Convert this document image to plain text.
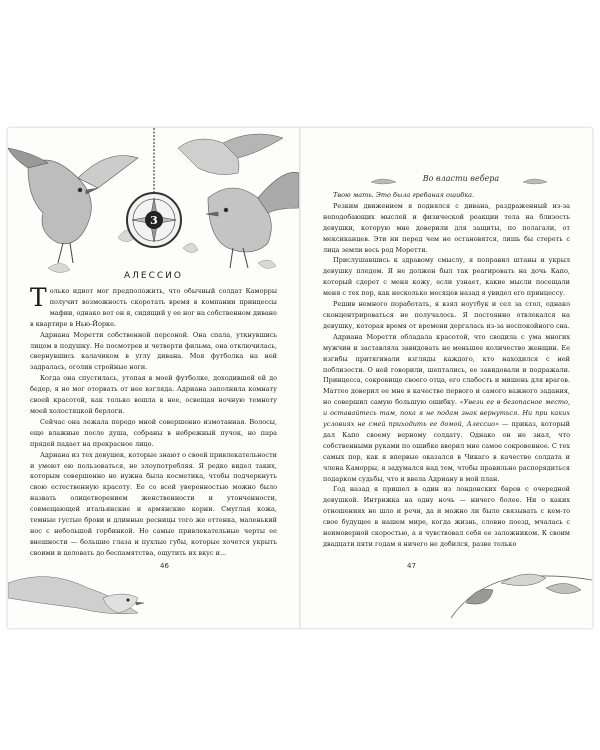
3
АЛЕССИО

Только идиот мог предположить, что обычный солдат Каморры получит возможность скоротать время в компании принцессы мафии, однако вот он я, сидящий у ее ног на собственном диване в квартире в Нью-Йорке.

Адриана Моретти собственной персоной. Она спала, уткнувшись лицом в подушку. Не посмотрев и четверти фильма, она отключилась, свернувшись калачиком в углу дивана. Моя футболка на ней задралась, оголив стройные ноги.

Когда она спустилась, утопая в моей футболке, доходившей ей до бедер, я не мог оторвать от нее взгляда. Адриана заполнила комнату своей красотой, как только вошла в нее, освещая ночную темноту моей холостяцкой берлоги.

Сейчас она лежала передо мной совершенно измотанная. Волосы, еще влажные после душа, собраны в небрежный пучок, но пара прядей падает на прекрасное лицо.

Адриана из тех девушек, которые знают о своей привлекательности и умеют ею пользоваться, не злоупотребляя. Я редко видел таких, которым совершенно не нужна была косметика, чтобы подчеркнуть свою естественную красоту. Ее со всей уверенностью можно было назвать олицетворением женственности и утонченности, совмещающей итальянские и армянские корни. Смуглая кожа, темные густые брови и длинные ресницы того же оттенка, маленький нос с небольшой горбинкой. Но самые привлекательные черты ее внешности — большие глаза и пухлые губы, которые хочется укрыть своими и целовать до беспамятства, ощутить их вкус и...

46
Во власти вебера

Твою мать. Это была гребаная ошибка.

Резким движением я поднялся с дивана, раздраженный из-за неподобающих мыслей и физической реакции тела на близость девушки, которую мне доверили для защиты, по полагали, от мексиканцев. Эти ни перед чем не остановятся, лишь бы стереть с лица земли весь род Моретти.

Прислушавшись к здравому смыслу, я поправил штаны и укрыл девушку пледом. Я не должен был так реагировать на дочь Капо, который сдерет с меня кожу, если узнает, какие мысли посещали меня с тех пор, как несколько месяцев назад я увидел его принцессу.

Решив немного поработать, я взял ноутбук и сел за стол, однако сконцентрироваться не получалось. Я постоянно отвлекался на девушку, которая время от времени дергалась из-за неспокойного сна.

Адриана Моретти обладала красотой, что сводила с ума многих мужчин и заставляла завидовать не меньшее количество женщин. Ее изгибы притягивали взгляды каждого, кто находился с ней поблизости. О ней говорили, шептались, ее завидовали и подражали. Принцесса, сокровище своего отца, его слабость и мишень для врагов. Маттео доверил ее мне в качестве первого и самого важного задания, но совершил самую большую ошибку. «Увези ее в безопасное место, и оставайтесь там, пока я не подам знак вернуться. Ни при каких условиях не смей приходить ее домой, Алессио» — приказ, который дал Капо своему верному солдату. Однако он не знал, что собственными руками по ошибке вверил мне самое сокровенное. С тех самых пор, как я впервые оказался в Чикаго в качестве солдата и члена Каморры, я задумался над тем, чтобы правильно распорядиться подарком судьбы, что и ввела Адриану в мой план.

Год назад я пришел в один из лондонских баров с очередной девушкой. Интрижка на одну ночь — ничего более. Ни о каких отношениях не шло и речи, да и можно ли было связывать с кем-то свое будущее в нашем мире, когда жизнь, словно поезд, мчалась с неимоверной скоростью, а я чувствовал себя ее заложником. К своим двадцати пяти годам я ничего не добился, разве только

47
